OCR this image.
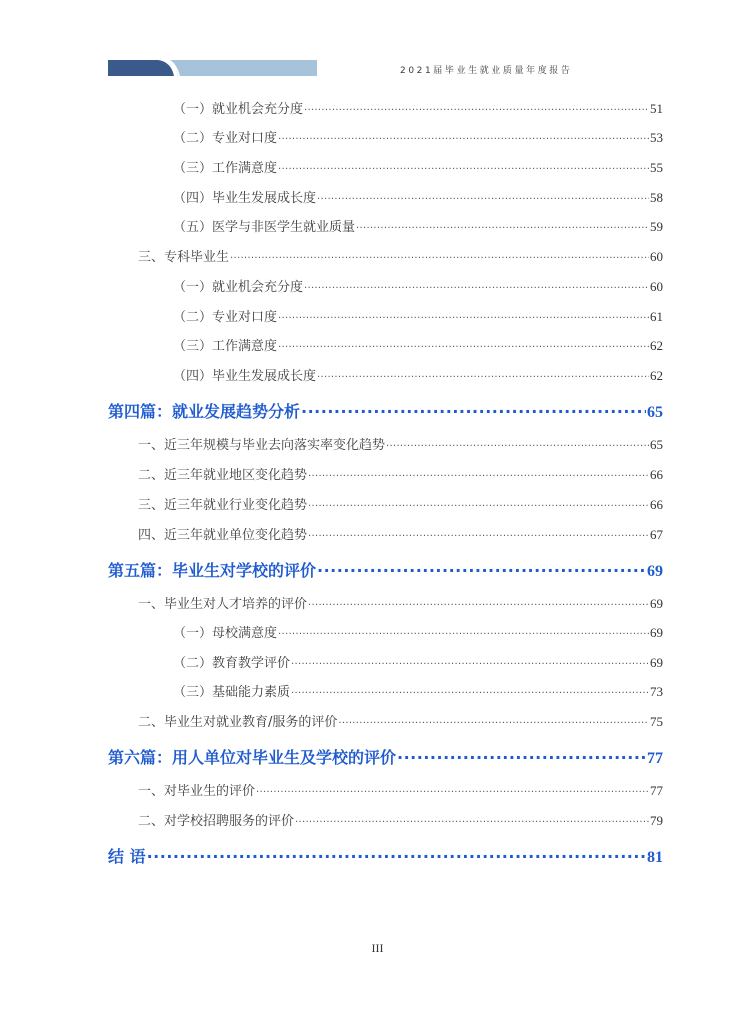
2021届毕业生就业质量年度报告
（一）就业机会充分度 .....	51
（二）专业对口度 .....	53
（三）工作满意度 .....	55
（四）毕业生发展成长度 .....	58
（五）医学与非医学生就业质量 .....	59
三、专科毕业生 .....	60
（一）就业机会充分度 .....	60
（二）专业对口度 .....	61
（三）工作满意度 .....	62
（四）毕业生发展成长度 .....	62
第四篇：就业发展趋势分析 .....	65
一、近三年规模与毕业去向落实率变化趋势 .....	65
二、近三年就业地区变化趋势 .....	66
三、近三年就业行业变化趋势 .....	66
四、近三年就业单位变化趋势 .....	67
第五篇：毕业生对学校的评价 .....	69
一、毕业生对人才培养的评价 .....	69
（一）母校满意度 .....	69
（二）教育教学评价 .....	69
（三）基础能力素质 .....	73
二、毕业生对就业教育/服务的评价 .....	75
第六篇：用人单位对毕业生及学校的评价 .....	77
一、对毕业生的评价 .....	77
二、对学校招聘服务的评价 .....	79
结 语 .....	81
III
